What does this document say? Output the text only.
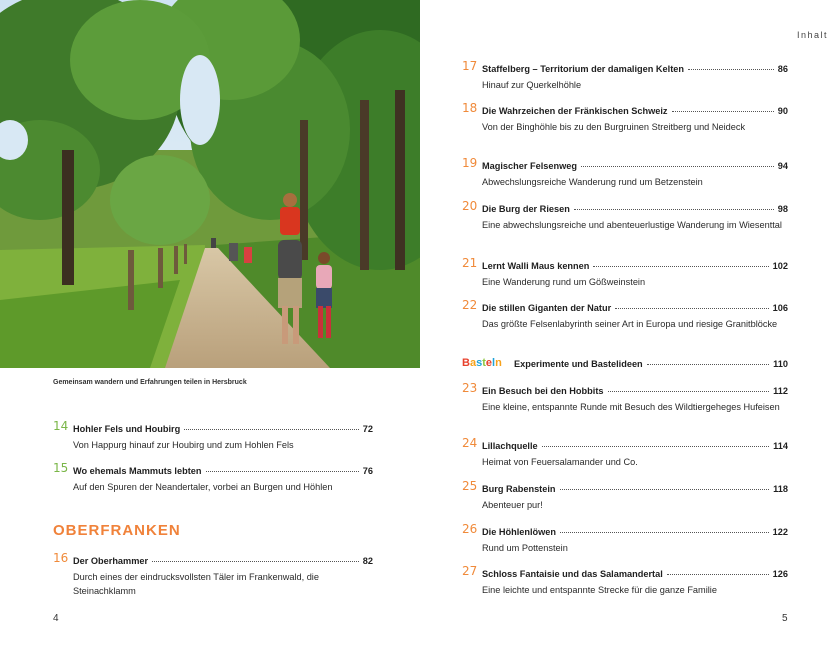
Gemeinsam wandern und Erfahrungen teilen in Hersbruck
14 Hohler Fels und Houbirg	72
Von Happurg hinauf zur Houbirg und zum Hohlen Fels
15 Wo ehemals Mammuts lebten	76
Auf den Spuren der Neandertaler, vorbei an Burgen und Höhlen
OBERFRANKEN
16 Der Oberhammer	82
Durch eines der eindrucksvollsten Täler im Frankenwald, die Steinachklamm
4
Inhalt
17 Staffelberg – Territorium der damaligen Kelten	86
Hinauf zur Querkelhöhle
18 Die Wahrzeichen der Fränkischen Schweiz	90
Von der Binghöhle bis zu den Burgruinen Streitberg und Neideck
19 Magischer Felsenweg	94
Abwechslungsreiche Wanderung rund um Betzenstein
20 Die Burg der Riesen	98
Eine abwechslungsreiche und abenteuerlustige Wanderung im Wiesenttal
21 Lernt Walli Maus kennen	102
Eine Wanderung rund um Gößweinstein
22 Die stillen Giganten der Natur	106
Das größte Felsenlabyrinth seiner Art in Europa und riesige Granitblöcke
Basteln Experimente und Bastelideen	110
23 Ein Besuch bei den Hobbits	112
Eine kleine, entspannte Runde mit Besuch des Wildtiergeheges Hufeisen
24 Lillachquelle	114
Heimat von Feuersalamander und Co.
25 Burg Rabenstein	118
Abenteuer pur!
26 Die Höhlenlöwen	122
Rund um Pottenstein
27 Schloss Fantaisie und das Salamandertal	126
Eine leichte und entspannte Strecke für die ganze Familie
5
